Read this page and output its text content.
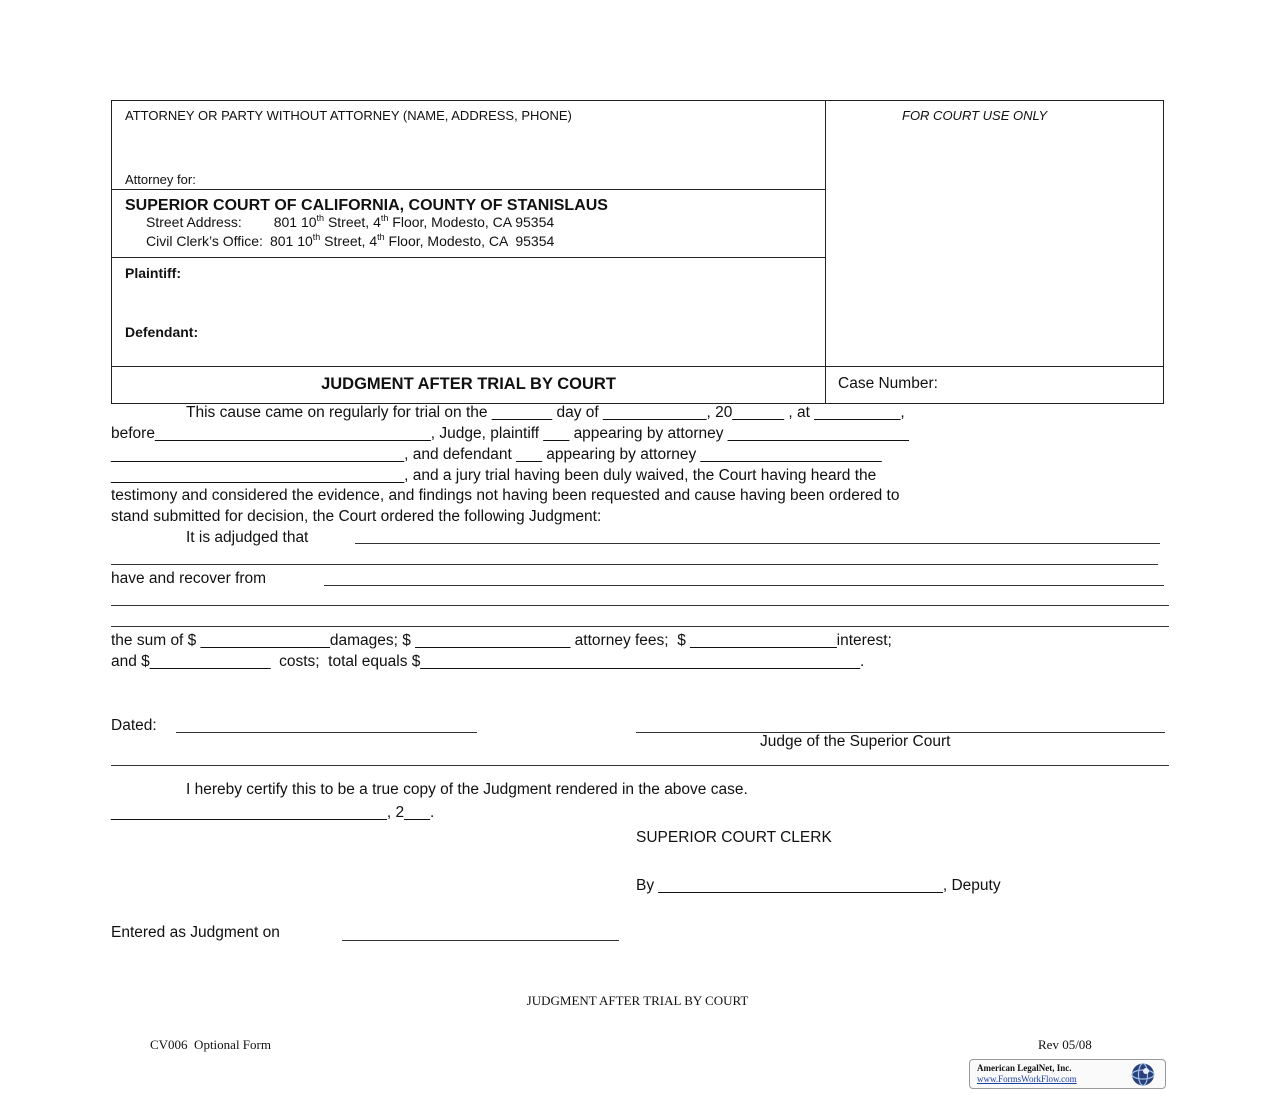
ATTORNEY OR PARTY WITHOUT ATTORNEY (NAME, ADDRESS, PHONE)
Attorney for:
FOR COURT USE ONLY
SUPERIOR COURT OF CALIFORNIA, COUNTY OF STANISLAUS
Street Address: 801 10th Street, 4th Floor, Modesto, CA 95354
Civil Clerk’s Office: 801 10th Street, 4th Floor, Modesto, CA  95354
Plaintiff:
Defendant:
JUDGMENT AFTER TRIAL BY COURT	Case Number:
This cause came on regularly for trial on the _______ day of ____________, 20______ , at __________,
before________________________________, Judge, plaintiff ___ appearing by attorney _____________________
__________________________________, and defendant ___ appearing by attorney _____________________
__________________________________, and a jury trial having been duly waived, the Court having heard the
testimony and considered the evidence, and findings not having been requested and cause having been ordered to
stand submitted for decision, the Court ordered the following Judgment:
It is adjudged that
have and recover from
the sum of $ _______________damages; $ __________________ attorney fees;  $ _________________interest;
and $______________  costs;  total equals $___________________________________________________.
Dated:
Judge of the Superior Court
I hereby certify this to be a true copy of the Judgment rendered in the above case.
________________________________, 2___.
SUPERIOR COURT CLERK
By _________________________________, Deputy
Entered as Judgment on
JUDGMENT AFTER TRIAL BY COURT
CV006  Optional Form	Rev 05/08
American LegalNet, Inc.
www.FormsWorkFlow.com
